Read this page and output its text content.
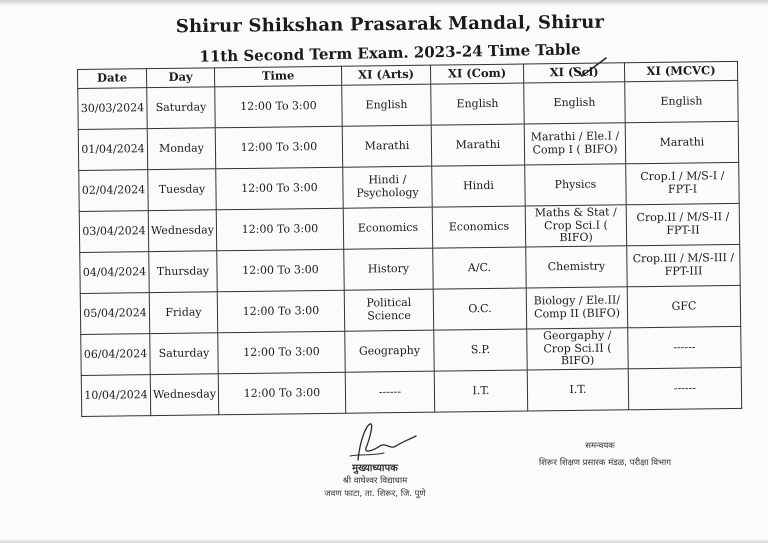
Shirur Shikshan Prasarak Mandal, Shirur
11th Second Term Exam. 2023-24 Time Table
Date	Day	Time	XI (Arts)	XI (Com)	XI (Sci)	XI (MCVC)
30/03/2024	Saturday	12:00 To 3:00	English	English	English	English
01/04/2024	Monday	12:00 To 3:00	Marathi	Marathi	Marathi / Ele.I / Comp I ( BIFO)	Marathi
02/04/2024	Tuesday	12:00 To 3:00	Hindi / Psychology	Hindi	Physics	Crop.I / M/S-I / FPT-I
03/04/2024	Wednesday	12:00 To 3:00	Economics	Economics	Maths & Stat / Crop Sci.I ( BIFO)	Crop.II / M/S-II / FPT-II
04/04/2024	Thursday	12:00 To 3:00	History	A/C.	Chemistry	Crop.III / M/S-III / FPT-III
05/04/2024	Friday	12:00 To 3:00	Political Science	O.C.	Biology / Ele.II/ Comp II (BIFO)	GFC
06/04/2024	Saturday	12:00 To 3:00	Geography	S.P.	Georgaphy / Crop Sci.II ( BIFO)	------
10/04/2024	Wednesday	12:00 To 3:00	------	I.T.	I.T.	------
मुख्याध्यापक
श्री वाघेश्वर विद्याधाम
जवण फाटा, ता. शिरूर, जि. पुणे
समन्वयक
शिरूर शिक्षण प्रसारक मंडळ, परीक्षा विभाग
